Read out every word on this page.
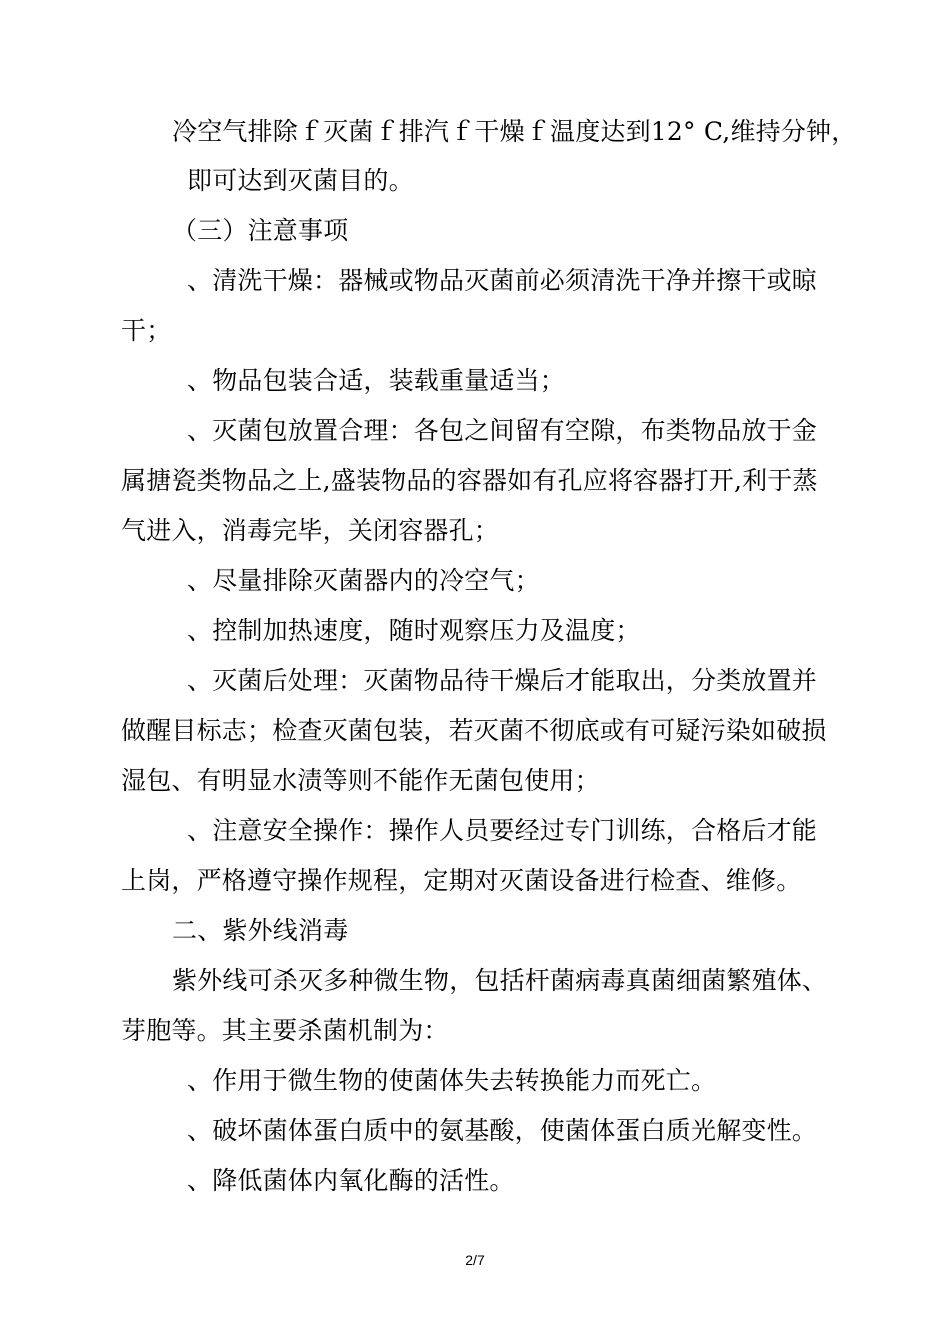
冷空气排除ｆ灭菌ｆ排汽ｆ干燥ｆ温度达到12° C,维持分钟，
即可达到灭菌目的。
（三）注意事项
、清洗干燥：器械或物品灭菌前必须清洗干净并擦干或晾
干；
、物品包装合适，装载重量适当；
、灭菌包放置合理：各包之间留有空隙，布类物品放于金
属搪瓷类物品之上,盛装物品的容器如有孔应将容器打开,利于蒸
气进入，消毒完毕，关闭容器孔；
、尽量排除灭菌器内的冷空气；
、控制加热速度，随时观察压力及温度；
、灭菌后处理：灭菌物品待干燥后才能取出，分类放置并
做醒目标志；检查灭菌包装，若灭菌不彻底或有可疑污染如破损
湿包、有明显水渍等则不能作无菌包使用；
、注意安全操作：操作人员要经过专门训练，合格后才能
上岗，严格遵守操作规程，定期对灭菌设备进行检查、维修。
二、紫外线消毒
紫外线可杀灭多种微生物，包括杆菌病毒真菌细菌繁殖体、
芽胞等。其主要杀菌机制为：
、作用于微生物的使菌体失去转换能力而死亡。
、破坏菌体蛋白质中的氨基酸，使菌体蛋白质光解变性。
、降低菌体内氧化酶的活性。
2/7
